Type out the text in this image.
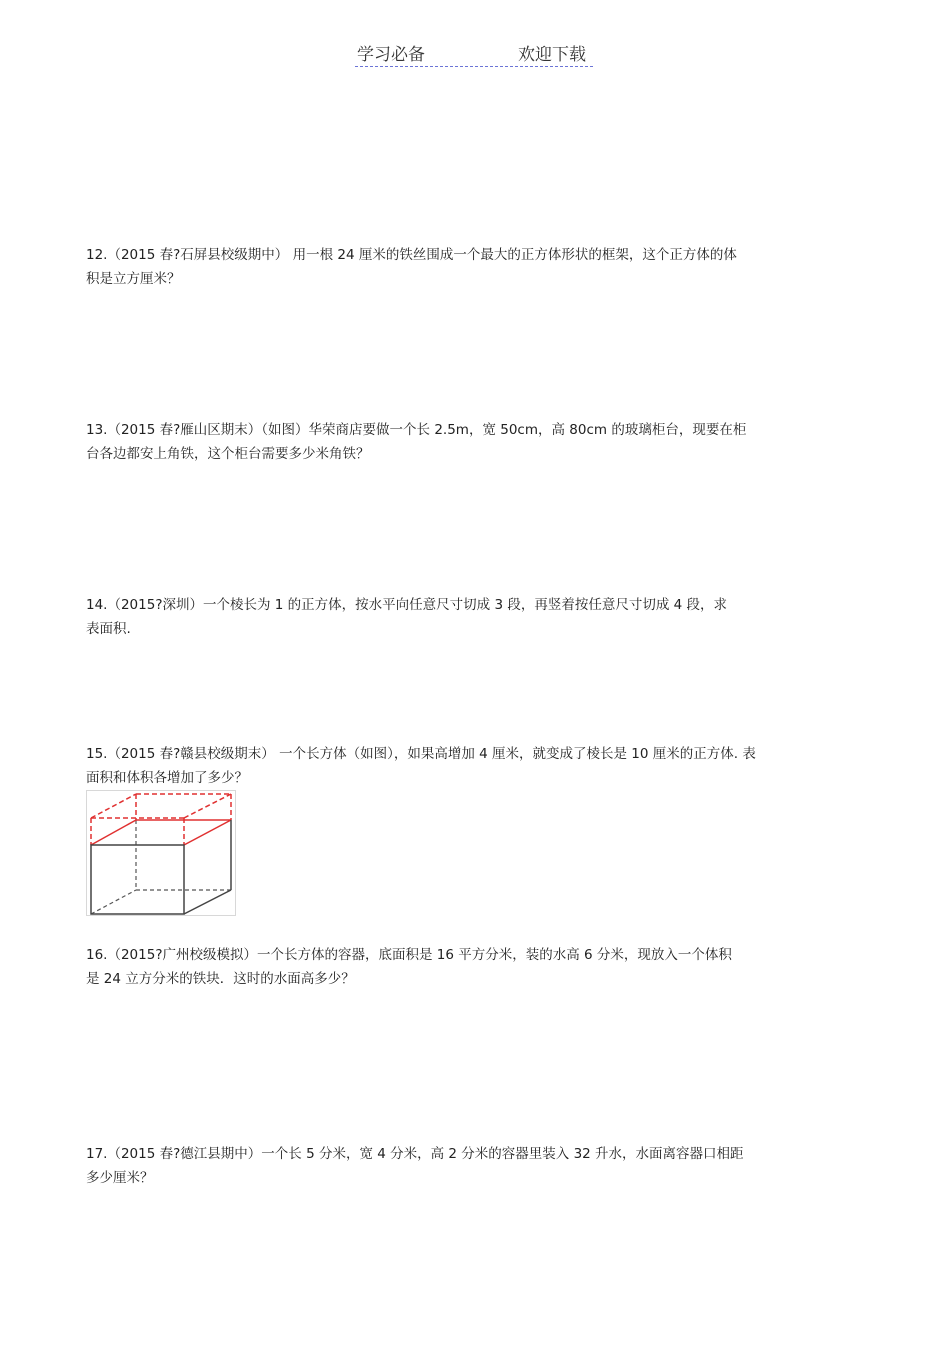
学习必备	欢迎下载

12.（2015 春?石屏县校级期中） 用一根 24 厘米的铁丝围成一个最大的正方体形状的框架，这个正方体的体

积是立方厘米？

13.（2015 春?雁山区期末）（如图）华荣商店要做一个长 2.5m，宽 50cm，高 80cm 的玻璃柜台，现要在柜

台各边都安上角铁，这个柜台需要多少米角铁？

14.（2015?深圳）一个棱长为 1 的正方体，按水平向任意尺寸切成 3 段，再竖着按任意尺寸切成 4 段，求

表面积.

15.（2015 春?赣县校级期末） 一个长方体（如图），如果高增加 4 厘米，就变成了棱长是 10 厘米的正方体. 表

面积和体积各增加了多少？

16.（2015?广州校级模拟）一个长方体的容器，底面积是 16 平方分米，装的水高 6 分米，现放入一个体积

是 24 立方分米的铁块．这时的水面高多少？

17.（2015 春?德江县期中）一个长 5 分米，宽 4 分米，高 2 分米的容器里装入 32 升水，水面离容器口相距

多少厘米？
